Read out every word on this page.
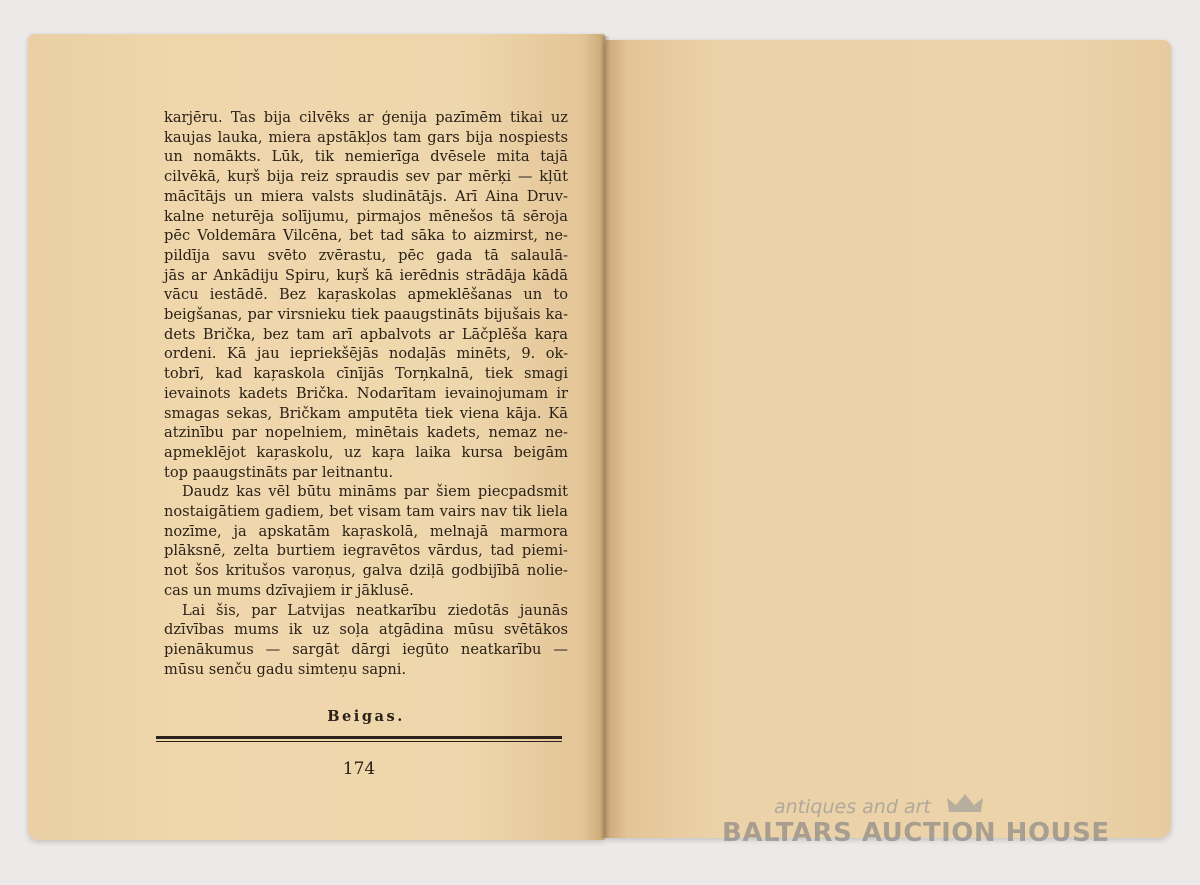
karjēru. Tas bija cilvēks ar ģenija pazīmēm tikai uz
kaujas lauka, miera apstākļos tam gars bija nospiests
un nomākts. Lūk, tik nemierīga dvēsele mita tajā
cilvēkā, kuŗš bija reiz spraudis sev par mērķi — kļūt
mācītājs un miera valsts sludinātājs. Arī Aina Druv-
kalne neturēja solījumu, pirmajos mēnešos tā sēroja
pēc Voldemāra Vilcēna, bet tad sāka to aizmirst, ne-
pildīja savu svēto zvērastu, pēc gada tā salaulā-
jās ar Ankādiju Spiru, kuŗš kā ierēdnis strādāja kādā
vācu iestādē. Bez kaŗaskolas apmeklēšanas un to
beigšanas, par virsnieku tiek paaugstināts bijušais ka-
dets Brička, bez tam arī apbalvots ar Lāčplēša kaŗa
ordeni. Kā jau iepriekšējās nodaļās minēts, 9. ok-
tobrī, kad kaŗaskola cīnījās Torņkalnā, tiek smagi
ievainots kadets Brička. Nodarītam ievainojumam ir
smagas sekas, Bričkam amputēta tiek viena kāja. Kā
atzinību par nopelniem, minētais kadets, nemaz ne-
apmeklējot kaŗaskolu, uz kaŗa laika kursa beigām
top paaugstināts par leitnantu.
Daudz kas vēl būtu mināms par šiem piecpadsmit
nostaigātiem gadiem, bet visam tam vairs nav tik liela
nozīme, ja apskatām kaŗaskolā, melnajā marmora
plāksnē, zelta burtiem iegravētos vārdus, tad piemi-
not šos kritušos varoņus, galva dziļā godbijībā nolie-
cas un mums dzīvajiem ir jāklusē.
Lai šis, par Latvijas neatkarību ziedotās jaunās
dzīvības mums ik uz soļa atgādina mūsu svētākos
pienākumus — sargāt dārgi iegūto neatkarību —
mūsu senču gadu simteņu sapni.
Beigas.
174
antiques and art
BALTARS AUCTION HOUSE
